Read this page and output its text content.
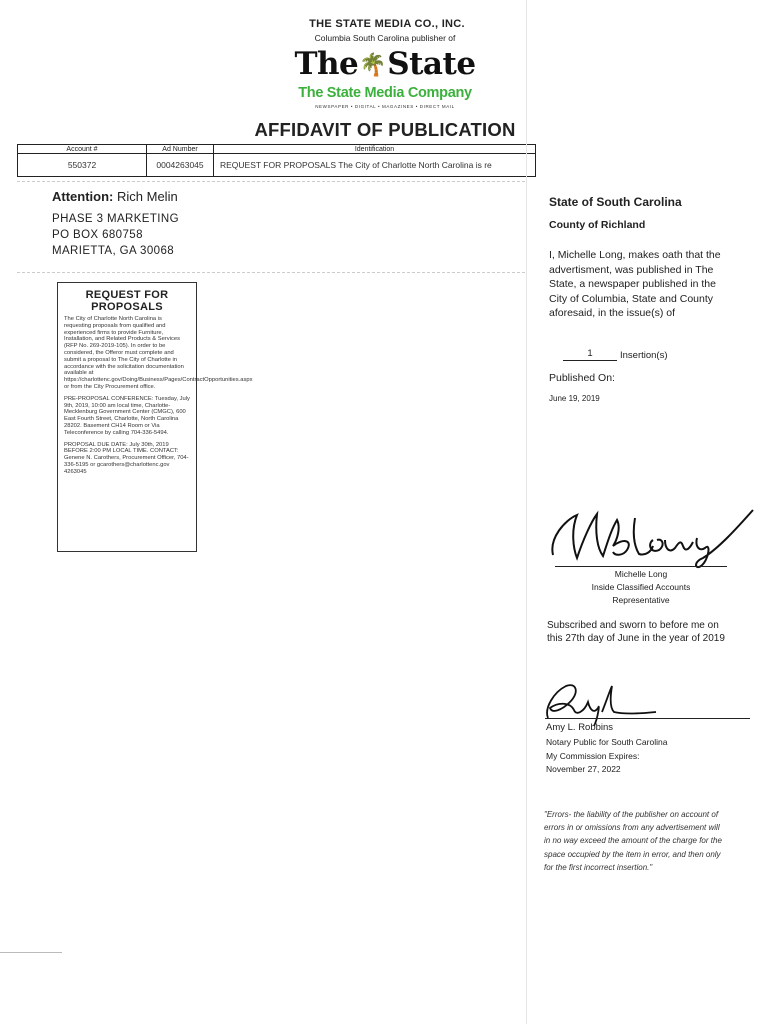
THE STATE MEDIA CO., INC.
Columbia South Carolina publisher of
The🌴State
The State Media Company
NEWSPAPER • DIGITAL • MAGAZINES • DIRECT MAIL
AFFIDAVIT OF PUBLICATION
Account #	Ad Number	Identification
550372	0004263045	REQUEST FOR PROPOSALS The City of Charlotte North Carolina is re
Attention: Rich Melin
PHASE 3 MARKETING
PO BOX 680758
MARIETTA, GA 30068
REQUEST FOR PROPOSALS

The City of Charlotte North Carolina is requesting proposals from qualified and experienced firms to provide Furniture, Installation, and Related Products & Services (RFP No. 269-2019-105). In order to be considered, the Offeror must complete and submit a proposal to The City of Charlotte in accordance with the solicitation documentation available at https://charlottenc.gov/Doing/Business/Pages/ContractOpportunities.aspx or from the City Procurement office.

PRE-PROPOSAL CONFERENCE: Tuesday, July 9th, 2019, 10:00 am local time, Charlotte-Mecklenburg Government Center (CMGC), 600 East Fourth Street, Charlotte, North Carolina 28202. Basement CH14 Room or Via Teleconference by calling 704-336-5494.

PROPOSAL DUE DATE: July 30th, 2019 BEFORE 2:00 PM LOCAL TIME. CONTACT: Genene N. Carothers, Procurement Officer, 704-336-5195 or gcarothers@charlottenc.gov 4263045

State of South Carolina
County of Richland
I, Michelle Long, makes oath that the advertisment, was published in The State, a newspaper published in the City of Columbia, State and County aforesaid, in the issue(s) of
1	Insertion(s)
Published On:
June 19, 2019
Michelle Long
Inside Classified Accounts
Representative
Subscribed and sworn to before me on this 27th day of June in the year of 2019
Amy L. Robbins
Notary Public for South Carolina
My Commission Expires:
November 27, 2022
"Errors- the liability of the publisher on account of errors in or omissions from any advertisement will in no way exceed the amount of the charge for the space occupied by the item in error, and then only for the first incorrect insertion."
